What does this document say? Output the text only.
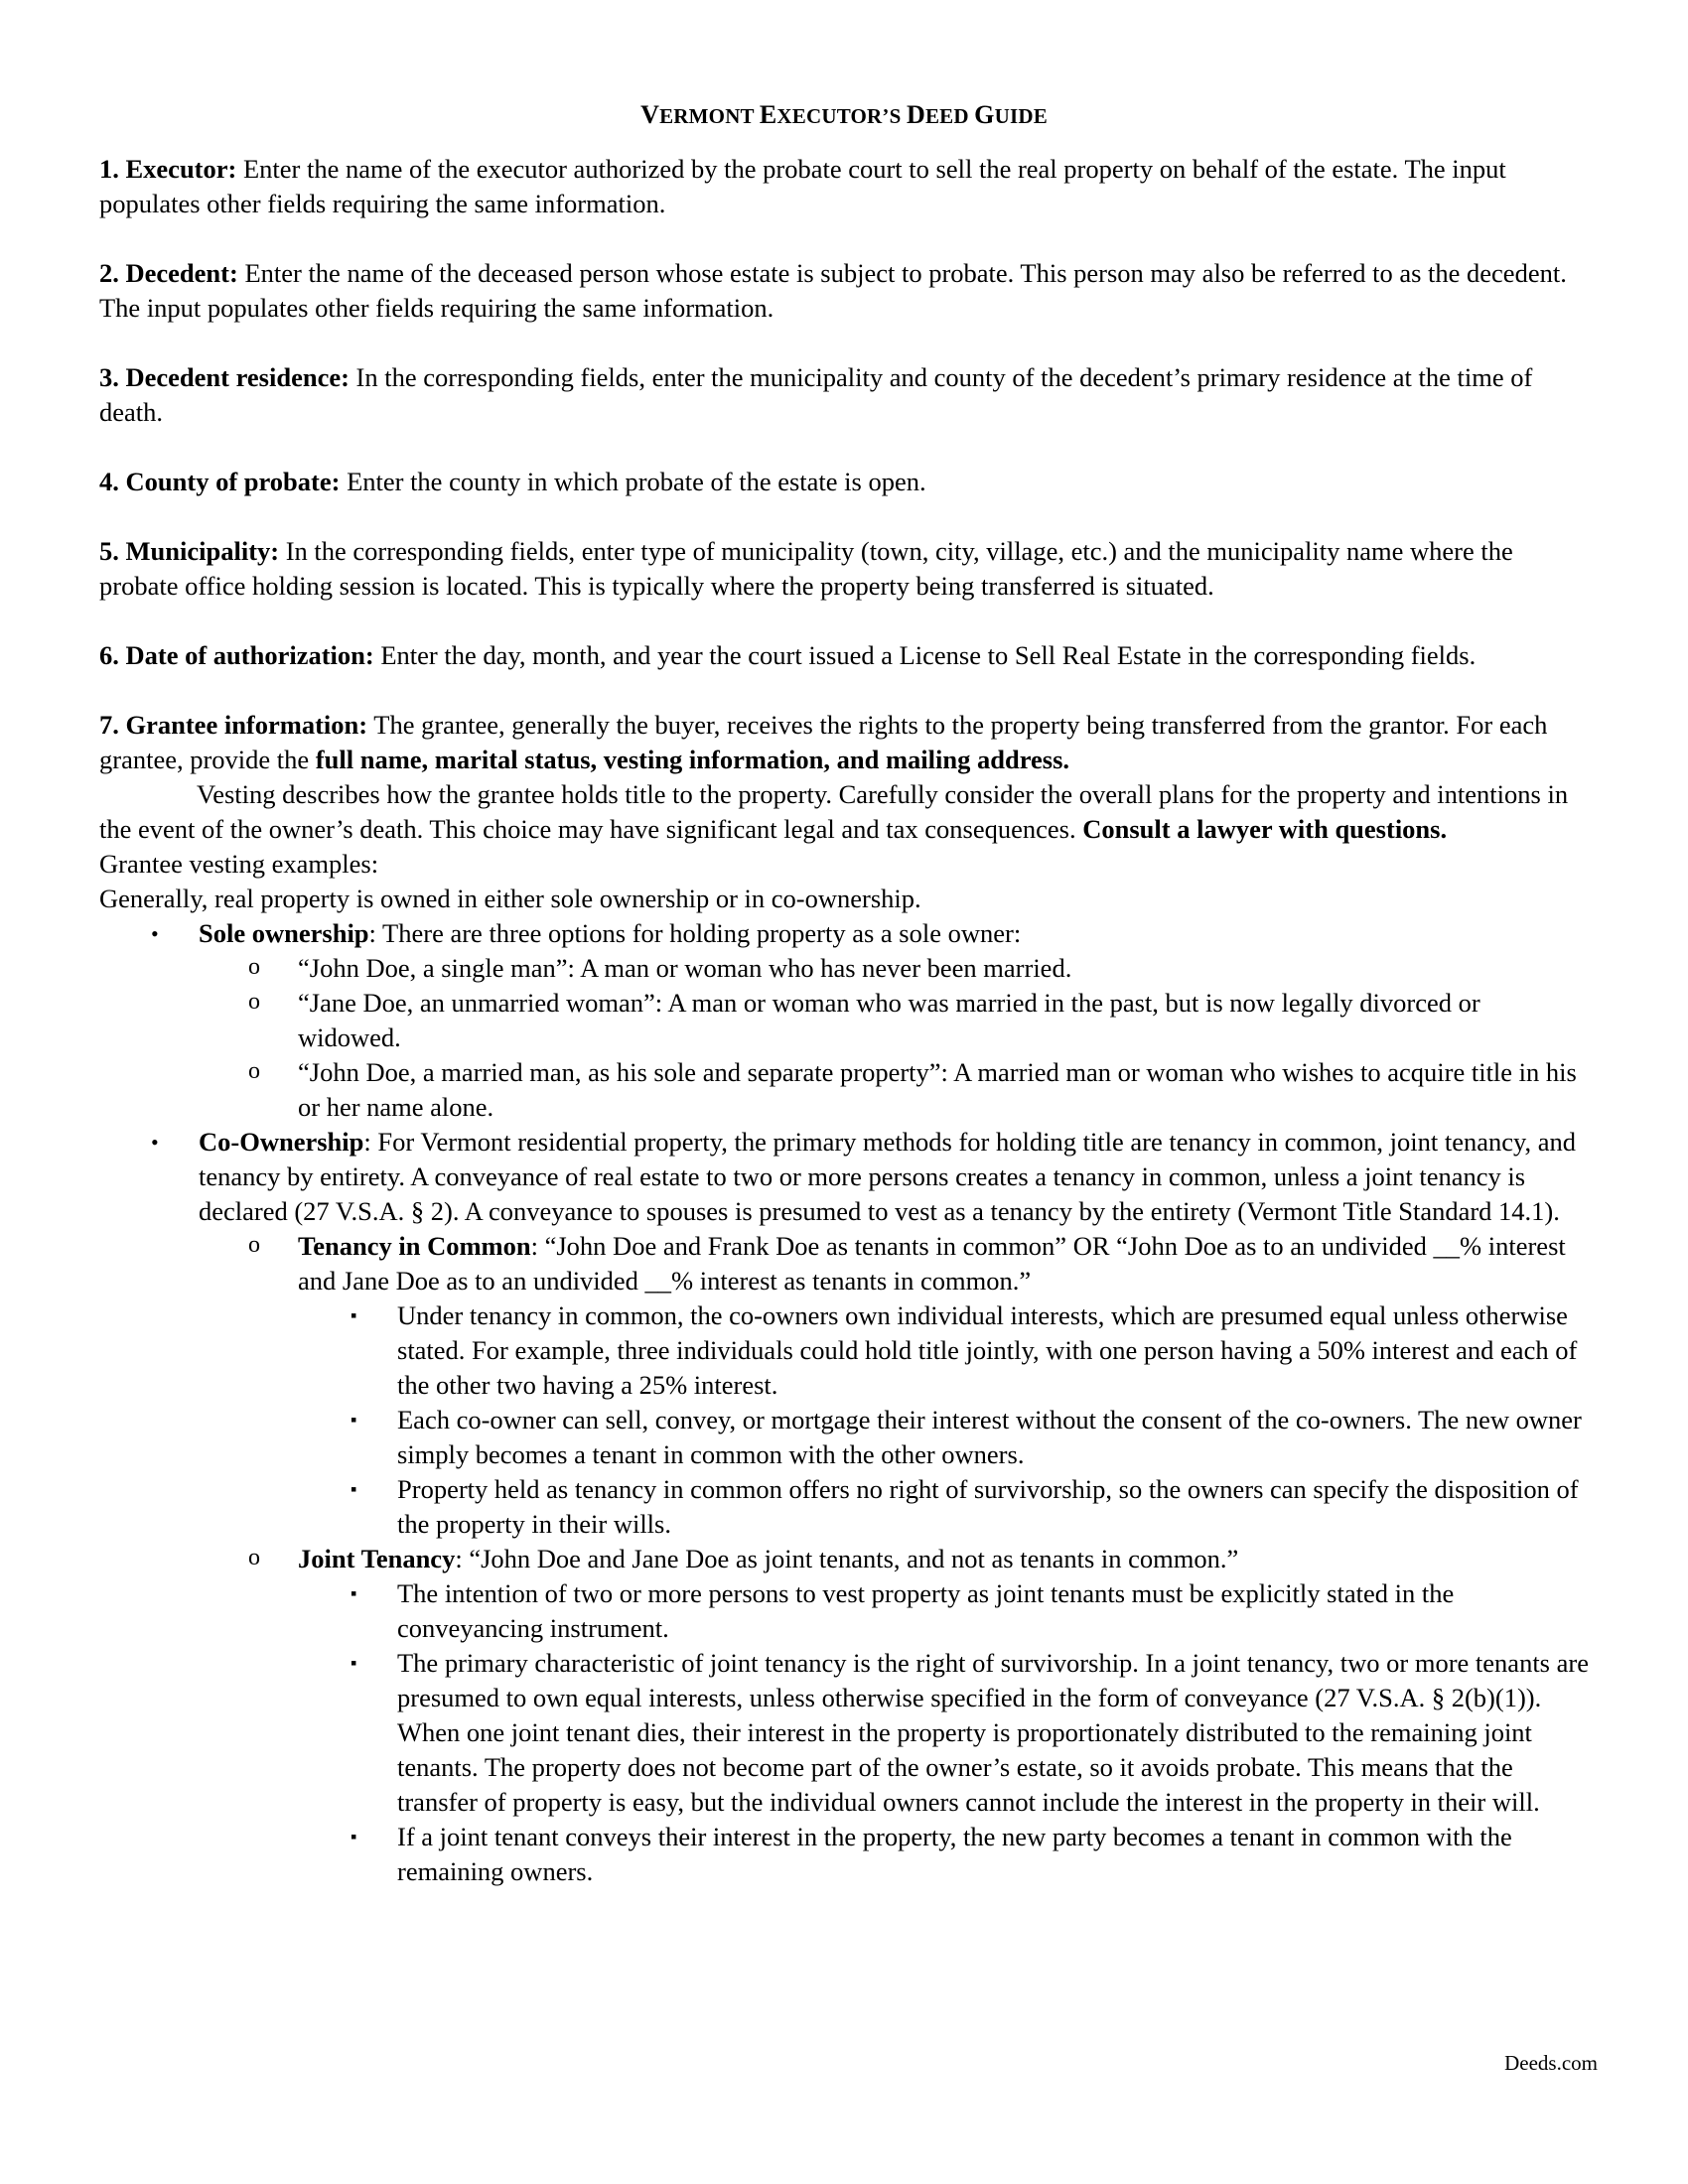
VERMONT EXECUTOR’S DEED GUIDE

1. Executor: Enter the name of the executor authorized by the probate court to sell the real property on behalf of the estate. The input populates other fields requiring the same information.

2. Decedent: Enter the name of the deceased person whose estate is subject to probate. This person may also be referred to as the decedent. The input populates other fields requiring the same information.

3. Decedent residence: In the corresponding fields, enter the municipality and county of the decedent’s primary residence at the time of death.

4. County of probate: Enter the county in which probate of the estate is open.

5. Municipality: In the corresponding fields, enter type of municipality (town, city, village, etc.) and the municipality name where the probate office holding session is located. This is typically where the property being transferred is situated.

6. Date of authorization: Enter the day, month, and year the court issued a License to Sell Real Estate in the corresponding fields.

7. Grantee information: The grantee, generally the buyer, receives the rights to the property being transferred from the grantor. For each grantee, provide the full name, marital status, vesting information, and mailing address.

Vesting describes how the grantee holds title to the property. Carefully consider the overall plans for the property and intentions in the event of the owner’s death. This choice may have significant legal and tax consequences. Consult a lawyer with questions.

Grantee vesting examples:

Generally, real property is owned in either sole ownership or in co-ownership.

• Sole ownership: There are three options for holding property as a sole owner:
o “John Doe, a single man”: A man or woman who has never been married.
o “Jane Doe, an unmarried woman”: A man or woman who was married in the past, but is now legally divorced or widowed.
o “John Doe, a married man, as his sole and separate property”: A married man or woman who wishes to acquire title in his or her name alone.
• Co-Ownership: For Vermont residential property, the primary methods for holding title are tenancy in common, joint tenancy, and tenancy by entirety. A conveyance of real estate to two or more persons creates a tenancy in common, unless a joint tenancy is declared (27 V.S.A. § 2). A conveyance to spouses is presumed to vest as a tenancy by the entirety (Vermont Title Standard 14.1).
o Tenancy in Common: “John Doe and Frank Doe as tenants in common” OR “John Doe as to an undivided __% interest and Jane Doe as to an undivided __% interest as tenants in common.”
▪ Under tenancy in common, the co-owners own individual interests, which are presumed equal unless otherwise stated. For example, three individuals could hold title jointly, with one person having a 50% interest and each of the other two having a 25% interest.
▪ Each co-owner can sell, convey, or mortgage their interest without the consent of the co-owners. The new owner simply becomes a tenant in common with the other owners.
▪ Property held as tenancy in common offers no right of survivorship, so the owners can specify the disposition of the property in their wills.
o Joint Tenancy: “John Doe and Jane Doe as joint tenants, and not as tenants in common.”
▪ The intention of two or more persons to vest property as joint tenants must be explicitly stated in the conveyancing instrument.
▪ The primary characteristic of joint tenancy is the right of survivorship. In a joint tenancy, two or more tenants are presumed to own equal interests, unless otherwise specified in the form of conveyance (27 V.S.A. § 2(b)(1)). When one joint tenant dies, their interest in the property is proportionately distributed to the remaining joint tenants. The property does not become part of the owner’s estate, so it avoids probate. This means that the transfer of property is easy, but the individual owners cannot include the interest in the property in their will.
▪ If a joint tenant conveys their interest in the property, the new party becomes a tenant in common with the remaining owners.
Deeds.com
